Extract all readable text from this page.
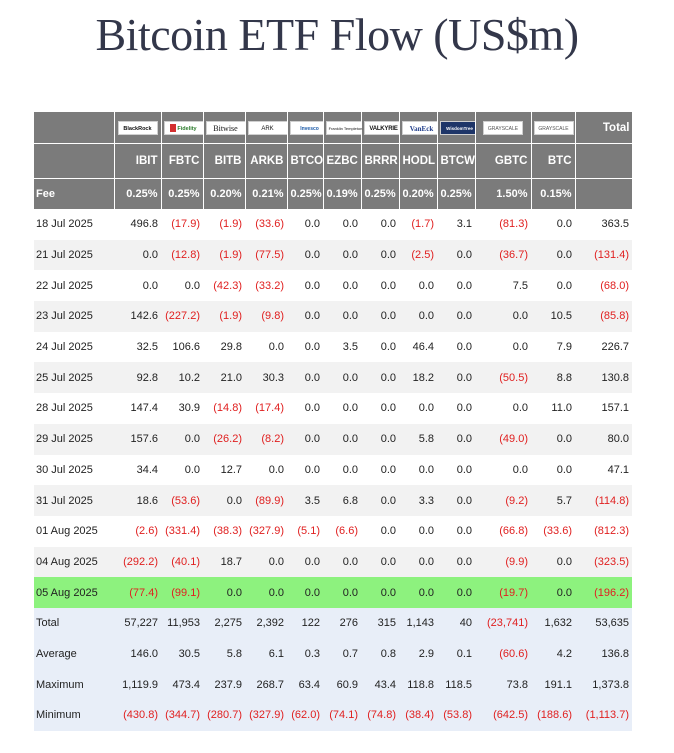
Bitcoin ETF Flow (US$m)

	BlackRock	Fidelity	Bitwise	ARK	Invesco	Franklin Templeton	VALKYRIE	VanEck	WisdomTree	GRAYSCALE	GRAYSCALE	Total
	IBIT	FBTC	BITB	ARKB	BTCO	EZBC	BRRR	HODL	BTCW	GBTC	BTC	
Fee	0.25%	0.25%	0.20%	0.21%	0.25%	0.19%	0.25%	0.20%	0.25%	1.50%	0.15%	
18 Jul 2025	496.8	(17.9)	(1.9)	(33.6)	0.0	0.0	0.0	(1.7)	3.1	(81.3)	0.0	363.5
21 Jul 2025	0.0	(12.8)	(1.9)	(77.5)	0.0	0.0	0.0	(2.5)	0.0	(36.7)	0.0	(131.4)
22 Jul 2025	0.0	0.0	(42.3)	(33.2)	0.0	0.0	0.0	0.0	0.0	7.5	0.0	(68.0)
23 Jul 2025	142.6	(227.2)	(1.9)	(9.8)	0.0	0.0	0.0	0.0	0.0	0.0	10.5	(85.8)
24 Jul 2025	32.5	106.6	29.8	0.0	0.0	3.5	0.0	46.4	0.0	0.0	7.9	226.7
25 Jul 2025	92.8	10.2	21.0	30.3	0.0	0.0	0.0	18.2	0.0	(50.5)	8.8	130.8
28 Jul 2025	147.4	30.9	(14.8)	(17.4)	0.0	0.0	0.0	0.0	0.0	0.0	11.0	157.1
29 Jul 2025	157.6	0.0	(26.2)	(8.2)	0.0	0.0	0.0	5.8	0.0	(49.0)	0.0	80.0
30 Jul 2025	34.4	0.0	12.7	0.0	0.0	0.0	0.0	0.0	0.0	0.0	0.0	47.1
31 Jul 2025	18.6	(53.6)	0.0	(89.9)	3.5	6.8	0.0	3.3	0.0	(9.2)	5.7	(114.8)
01 Aug 2025	(2.6)	(331.4)	(38.3)	(327.9)	(5.1)	(6.6)	0.0	0.0	0.0	(66.8)	(33.6)	(812.3)
04 Aug 2025	(292.2)	(40.1)	18.7	0.0	0.0	0.0	0.0	0.0	0.0	(9.9)	0.0	(323.5)
05 Aug 2025	(77.4)	(99.1)	0.0	0.0	0.0	0.0	0.0	0.0	0.0	(19.7)	0.0	(196.2)
Total	57,227	11,953	2,275	2,392	122	276	315	1,143	40	(23,741)	1,632	53,635
Average	146.0	30.5	5.8	6.1	0.3	0.7	0.8	2.9	0.1	(60.6)	4.2	136.8
Maximum	1,119.9	473.4	237.9	268.7	63.4	60.9	43.4	118.8	118.5	73.8	191.1	1,373.8
Minimum	(430.8)	(344.7)	(280.7)	(327.9)	(62.0)	(74.1)	(74.8)	(38.4)	(53.8)	(642.5)	(188.6)	(1,113.7)
